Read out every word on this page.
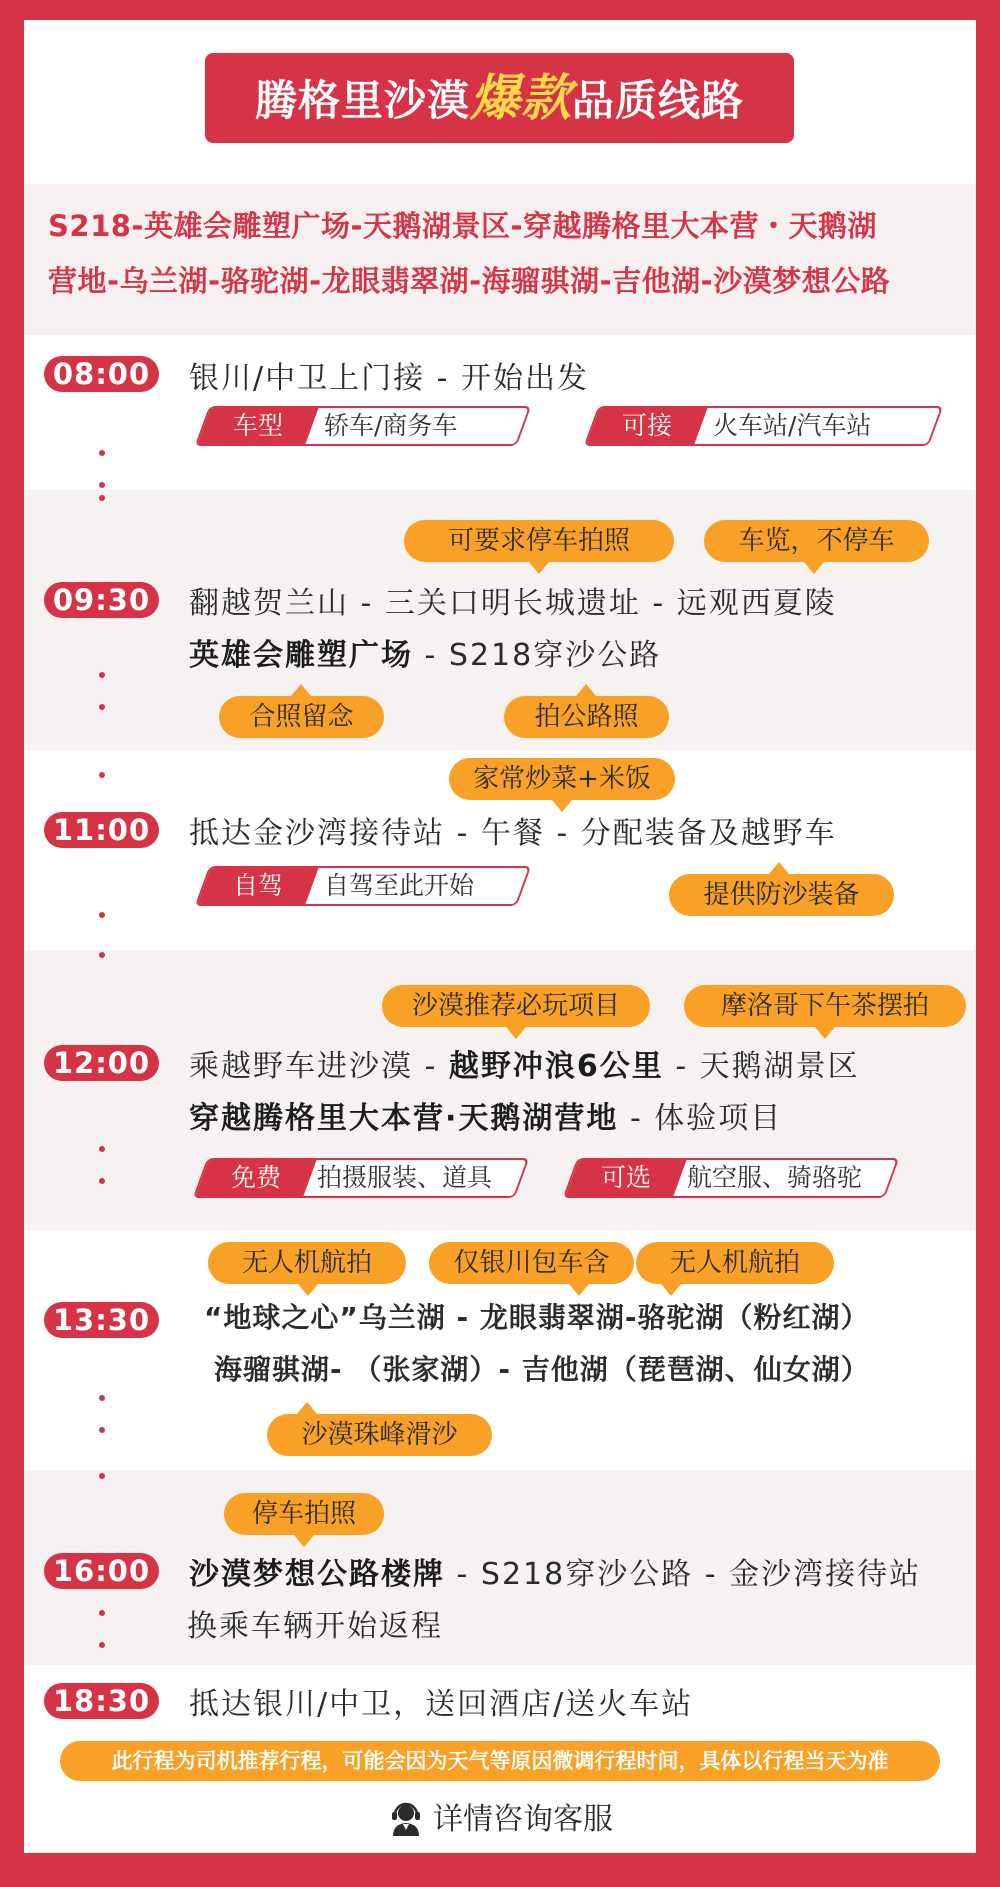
腾格里沙漠爆款品质线路
S218-英雄会雕塑广场-天鹅湖景区-穿越腾格里大本营・天鹅湖
营地-乌兰湖-骆驼湖-龙眼翡翠湖-海骝骐湖-吉他湖-沙漠梦想公路
08:00 银川/中卫上门接 - 开始出发
车型	轿车/商务车	可接	火车站/汽车站
可要求停车拍照	车览，不停车
09:30 翻越贺兰山 - 三关口明长城遗址 - 远观西夏陵
英雄会雕塑广场 - S218穿沙公路
合照留念	拍公路照
家常炒菜+米饭
11:00 抵达金沙湾接待站 - 午餐 - 分配装备及越野车
自驾	自驾至此开始	提供防沙装备
沙漠推荐必玩项目	摩洛哥下午茶摆拍
12:00 乘越野车进沙漠 - 越野冲浪6公里 - 天鹅湖景区
穿越腾格里大本营·天鹅湖营地 - 体验项目
免费	拍摄服装、道具	可选	航空服、骑骆驼
无人机航拍	仅银川包车含	无人机航拍
13:30	“地球之心”乌兰湖 - 龙眼翡翠湖-骆驼湖（粉红湖）
海骝骐湖- （张家湖）- 吉他湖（琵琶湖、仙女湖）
沙漠珠峰滑沙
停车拍照
16:00 沙漠梦想公路楼牌 - S218穿沙公路 - 金沙湾接待站
换乘车辆开始返程
18:30 抵达银川/中卫，送回酒店/送火车站
此行程为司机推荐行程，可能会因为天气等原因微调行程时间，具体以行程当天为准
详情咨询客服
